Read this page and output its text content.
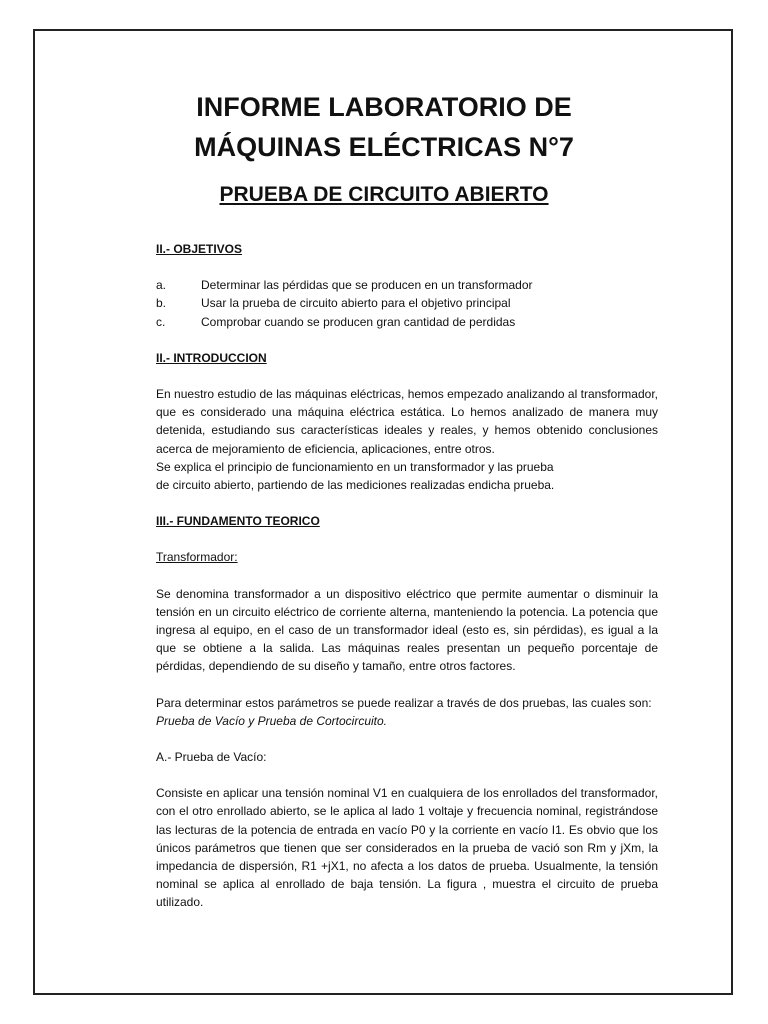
INFORME LABORATORIO DE
MÁQUINAS ELÉCTRICAS N°7
PRUEBA DE CIRCUITO ABIERTO

II.- OBJETIVOS

a.	Determinar las pérdidas que se producen en un transformador
b.	Usar la prueba de circuito abierto para el objetivo principal
c.	Comprobar cuando se producen gran cantidad de perdidas

II.- INTRODUCCION

En nuestro estudio de las máquinas eléctricas, hemos empezado analizando al transformador, que es considerado una máquina eléctrica estática. Lo hemos analizado de manera muy detenida, estudiando sus características ideales y reales, y hemos obtenido conclusiones acerca de mejoramiento de eficiencia, aplicaciones, entre otros.

Se explica el principio de funcionamiento en un transformador y las prueba

de circuito abierto, partiendo de las mediciones realizadas endicha prueba.

III.- FUNDAMENTO TEORICO

Transformador:

Se denomina transformador a un dispositivo eléctrico que permite aumentar o disminuir la tensión en un circuito eléctrico de corriente alterna, manteniendo la potencia. La potencia que ingresa al equipo, en el caso de un transformador ideal (esto es, sin pérdidas), es igual a la que se obtiene a la salida. Las máquinas reales presentan un pequeño porcentaje de pérdidas, dependiendo de su diseño y tamaño, entre otros factores.

Para determinar estos parámetros se puede realizar a través de dos pruebas, las cuales son:

Prueba de Vacío y Prueba de Cortocircuito.

A.- Prueba de Vacío:

Consiste en aplicar una tensión nominal V1 en cualquiera de los enrollados del transformador, con el otro enrollado abierto, se le aplica al lado 1 voltaje y frecuencia nominal, registrándose las lecturas de la potencia de entrada en vacío P0 y la corriente en vacío I1. Es obvio que los únicos parámetros que tienen que ser considerados en la prueba de vació son Rm y jXm, la impedancia de dispersión, R1 +jX1, no afecta a los datos de prueba. Usualmente, la tensión nominal se aplica al enrollado de baja tensión. La figura , muestra el circuito de prueba utilizado.
